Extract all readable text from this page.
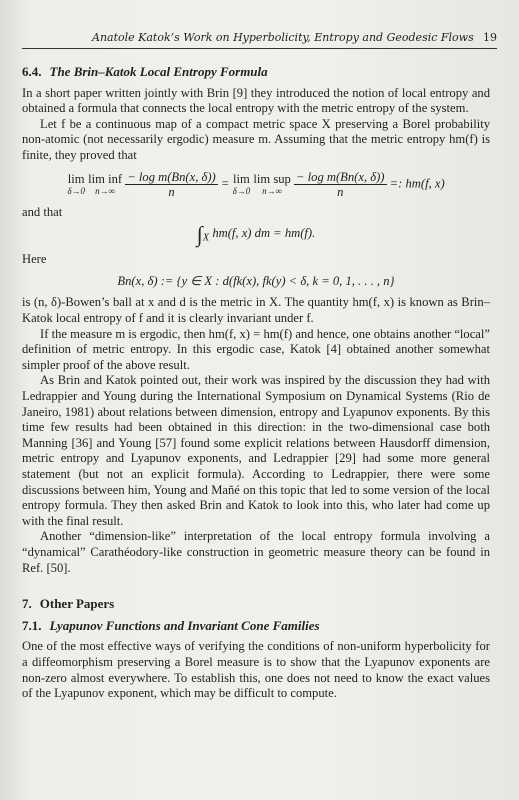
Anatole Katok’s Work on Hyperbolicity, Entropy and Geodesic Flows 19
6.4. The Brin–Katok Local Entropy Formula

In a short paper written jointly with Brin [9] they introduced the notion of local entropy and obtained a formula that connects the local entropy with the metric entropy of the system.

Let f be a continuous map of a compact metric space X preserving a Borel probability non-atomic (not necessarily ergodic) measure m. Assuming that the metric entropy hm(f) is finite, they proved that

lim
δ→0
lim inf
n→∞
$\frac{\text{− log m(Bn(x, δ))}}{n} = \lim$
δ→0
lim sup
n→∞
$\frac{\text{− log m(Bn(x, δ))}}{n}$ =: hm(f, x)

and that

$\int_X$ hm(f, x) dm = hm(f).

Here

Bn(x, δ) := {y ∈ X : d(fk(x), fk(y) < δ, k = 0, 1, . . . , n}

is (n, δ)-Bowen’s ball at x and d is the metric in X. The quantity hm(f, x) is known as Brin–Katok local entropy of f and it is clearly invariant under f.

If the measure m is ergodic, then hm(f, x) = hm(f) and hence, one obtains another “local” definition of metric entropy. In this ergodic case, Katok [4] obtained another somewhat simpler proof of the above result.

As Brin and Katok pointed out, their work was inspired by the discussion they had with Ledrappier and Young during the International Symposium on Dynamical Systems (Rio de Janeiro, 1981) about relations between dimension, entropy and Lyapunov exponents. By this time few results had been obtained in this direction: in the two-dimensional case both Manning [36] and Young [57] found some explicit relations between Hausdorff dimension, metric entropy and Lyapunov exponents, and Ledrappier [29] had some more general statement (but not an explicit formula). According to Ledrappier, there were some discussions between him, Young and Mañé on this topic that led to some version of the local entropy formula. They then asked Brin and Katok to look into this, who later had come up with the final result.

Another “dimension-like” interpretation of the local entropy formula involving a “dynamical” Carathéodory-like construction in geometric measure theory can be found in Ref. [50].

7. Other Papers
7.1. Lyapunov Functions and Invariant Cone Families

One of the most effective ways of verifying the conditions of non-uniform hyperbolicity for a diffeomorphism preserving a Borel measure is to show that the Lyapunov exponents are non-zero almost everywhere. To establish this, one does not need to know the exact values of the Lyapunov exponent, which may be difficult to compute.
